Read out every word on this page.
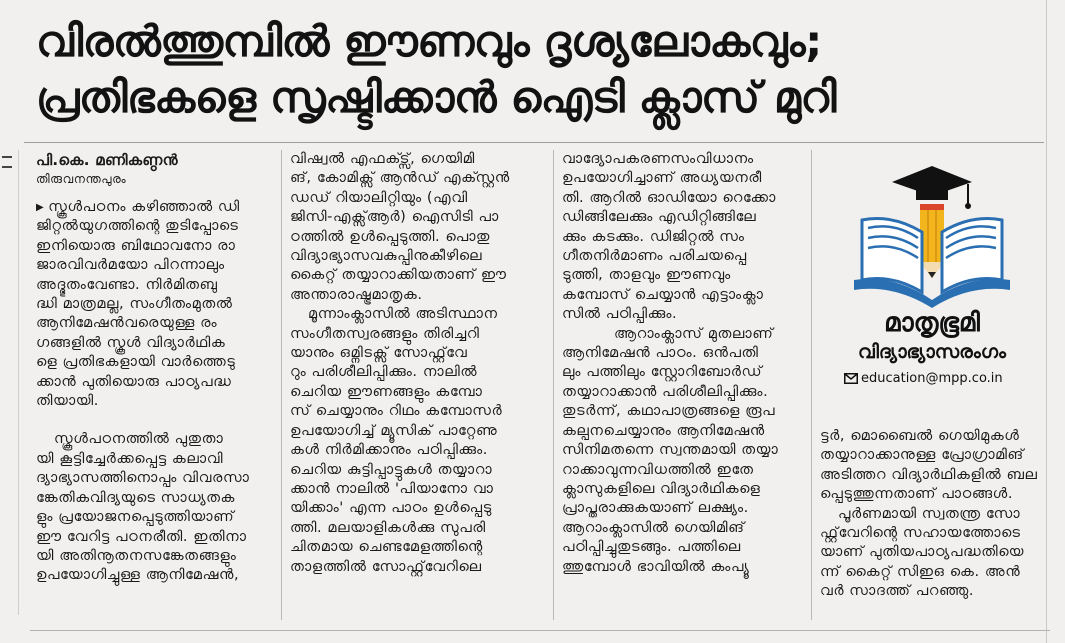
വിരൽത്തുമ്പിൽ ഈണവും ദൃശ്യലോകവും;
പ്രതിഭകളെ സൃഷ്ടിക്കാൻ ഐടി ക്ലാസ് മുറി
പി.കെ. മണികണ്ഠൻ
തിരുവനന്തപുരം

▶ സ്കൂൾപഠനം കഴിഞ്ഞാൽ ഡി

ജിറ്റൽയുഗത്തിന്റെ തുടിപ്പോടെ

ഇനിയൊരു ബിഥോവനോ രാ

ജാരവിവർമയോ പിറന്നാലും

അദ്ഭുതംവേണ്ടാ. നിർമിതബു

ദ്ധി മാത്രമല്ല, സംഗീതംമുതൽ

ആനിമേഷൻവരെയുള്ള രം

ഗങ്ങളിൽ സ്കൂൾ വിദ്യാർഥിക

ളെ പ്രതിഭകളായി വാർത്തെടു

ക്കാൻ പുതിയൊരു പാഠ്യപദ്ധ

തിയായി.

സ്കൂൾപഠനത്തിൽ പുതുതാ

യി കൂട്ടിച്ചേർക്കപ്പെട്ട കലാവി

ദ്യാഭ്യാസത്തിനൊപ്പം വിവരസാ

ങ്കേതികവിദ്യയുടെ സാധ്യതക

ളും പ്രയോജനപ്പെടുത്തിയാണ്

ഈ വേറിട്ട പഠനരീതി. ഇതിനാ

യി അതിനൂതനസങ്കേതങ്ങളും

ഉപയോഗിച്ചുള്ള ആനിമേഷൻ,

വിഷ്വൽ എഫക്ട്സ്, ഗെയിമി

ങ്, കോമിക്സ് ആൻഡ് എക്സ്റ്റൻ

ഡഡ് റിയാലിറ്റിയും (എവി

ജിസി-എക്സ്ആർ) ഐസിടി പാ

ഠത്തിൽ ഉൾപ്പെടുത്തി. പൊതു

വിദ്യാഭ്യാസവകുപ്പിനുകീഴിലെ

കൈറ്റ് തയ്യാറാക്കിയതാണ് ഈ

അന്താരാഷ്ട്രമാതൃക.

മൂന്നാംക്ലാസിൽ അടിസ്ഥാന

സംഗീതസ്വരങ്ങളും തിരിച്ചറി

യാനും ഒമ്നിടക്സ് സോഫ്റ്റ്‌വേ

റും പരിശീലിപ്പിക്കും. നാലിൽ

ചെറിയ ഈണങ്ങളും കമ്പോ

സ് ചെയ്യാനും റിഥം കമ്പോസർ

ഉപയോഗിച്ച് മ്യൂസിക് പാറ്റേണു

കൾ നിർമിക്കാനും പഠിപ്പിക്കും.

ചെറിയ കുട്ടിപ്പാട്ടുകൾ തയ്യാറാ

ക്കാൻ നാലിൽ 'പിയാനോ വാ

യിക്കാം' എന്ന പാഠം ഉൾപ്പെടു

ത്തി. മലയാളികൾക്കു സുപരി

ചിതമായ ചെണ്ടമേളത്തിന്റെ

താളത്തിൽ സോഫ്റ്റ്‌വേറിലെ

വാദ്യോപകരണസംവിധാനം

ഉപയോഗിച്ചാണ് അധ്യയനരീ

തി. ആറിൽ ഓഡിയോ റെക്കോ

ഡിങ്ങിലേക്കും എഡിറ്റിങ്ങിലേ

ക്കും കടക്കും. ഡിജിറ്റൽ സം

ഗീതനിർമാണം പരിചയപ്പെ

ടുത്തി, താളവും ഈണവും

കമ്പോസ് ചെയ്യാൻ എട്ടാംക്ലാ

സിൽ പഠിപ്പിക്കും.

ആറാംക്ലാസ് മുതലാണ്

ആനിമേഷൻ പാഠം. ഒൻപതി

ലും പത്തിലും സ്റ്റോറിബോർഡ്

തയ്യാറാക്കാൻ പരിശീലിപ്പിക്കും.

തുടർന്ന്, കഥാപാത്രങ്ങളെ രൂപ

കല്പനചെയ്യാനും ആനിമേഷൻ

സിനിമതന്നെ സ്വന്തമായി തയ്യാ

റാക്കാവുന്നവിധത്തിൽ ഇതേ

ക്ലാസുകളിലെ വിദ്യാർഥികളെ

പ്രാപ്തരാക്കുകയാണ് ലക്ഷ്യം.

ആറാംക്ലാസിൽ ഗെയിമിങ്

പഠിപ്പിച്ചുതുടങ്ങും. പത്തിലെ

ത്തുമ്പോൾ ഭാവിയിൽ കംപ്യൂ

മാതൃഭൂമി
വിദ്യാഭ്യാസരംഗം
education@mpp.co.in

ട്ടർ, മൊബൈൽ ഗെയിമുകൾ

തയ്യാറാക്കാനുള്ള പ്രോഗ്രാമിങ്

അടിത്തറ വിദ്യാർഥികളിൽ ബല

പ്പെടുത്തുന്നതാണ് പാഠങ്ങൾ.

പൂർണമായി സ്വതന്ത്ര സോ

ഫ്റ്റ്‌വേറിന്റെ സഹായത്തോടെ

യാണ് പുതിയപാഠ്യപദ്ധതിയെ

ന്ന് കൈറ്റ് സിഇഒ കെ. അൻ

വർ സാദത്ത് പറഞ്ഞു.
